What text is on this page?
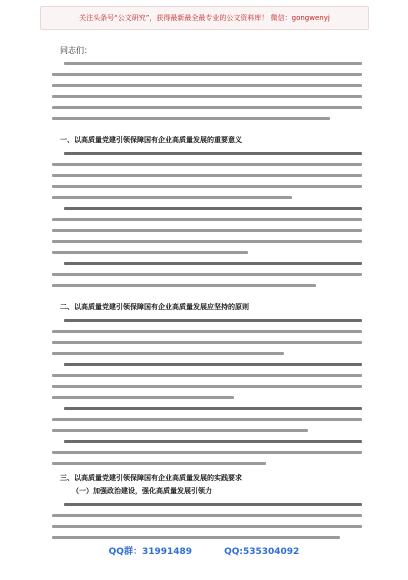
关注头条号“公文研究”，获得最新最全最专业的公文资料库！ 微信：gongwenyj
同志们：
一、以高质量党建引领保障国有企业高质量发展的重要意义
二、以高质量党建引领保障国有企业高质量发展应坚持的原则
三、以高质量党建引领保障国有企业高质量发展的实践要求
（一）加强政治建设，强化高质量发展引领力
QQ群：31991489	QQ:535304092
